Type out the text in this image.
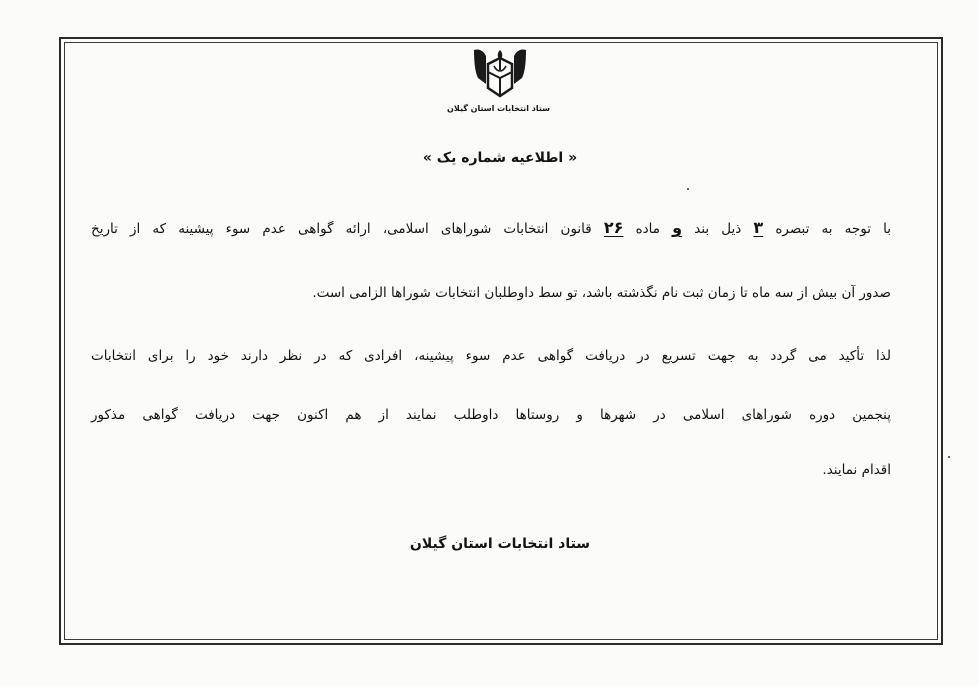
ستاد انتخابات استان گیلان
« اطلاعیه شماره یک »
با توجه به تبصره ۳ ذیل بند و ماده ۲۶ قانون انتخابات شوراهای اسلامی، ارائه گواهی عدم سوء پیشینه که از تاریخ
صدور آن بیش از سه ماه تا زمان ثبت نام نگذشته باشد، تو سط داوطلبان انتخابات شوراها الزامی است.
لذا تأکید می گردد به جهت تسریع در دریافت گواهی عدم سوء پیشینه، افرادی که در نظر دارند خود را برای انتخابات
پنجمین دوره شوراهای اسلامی در شهرها و روستاها داوطلب نمایند از هم اکنون جهت دریافت گواهی مذکور
اقدام نمایند.
ستاد انتخابات استان گیلان
